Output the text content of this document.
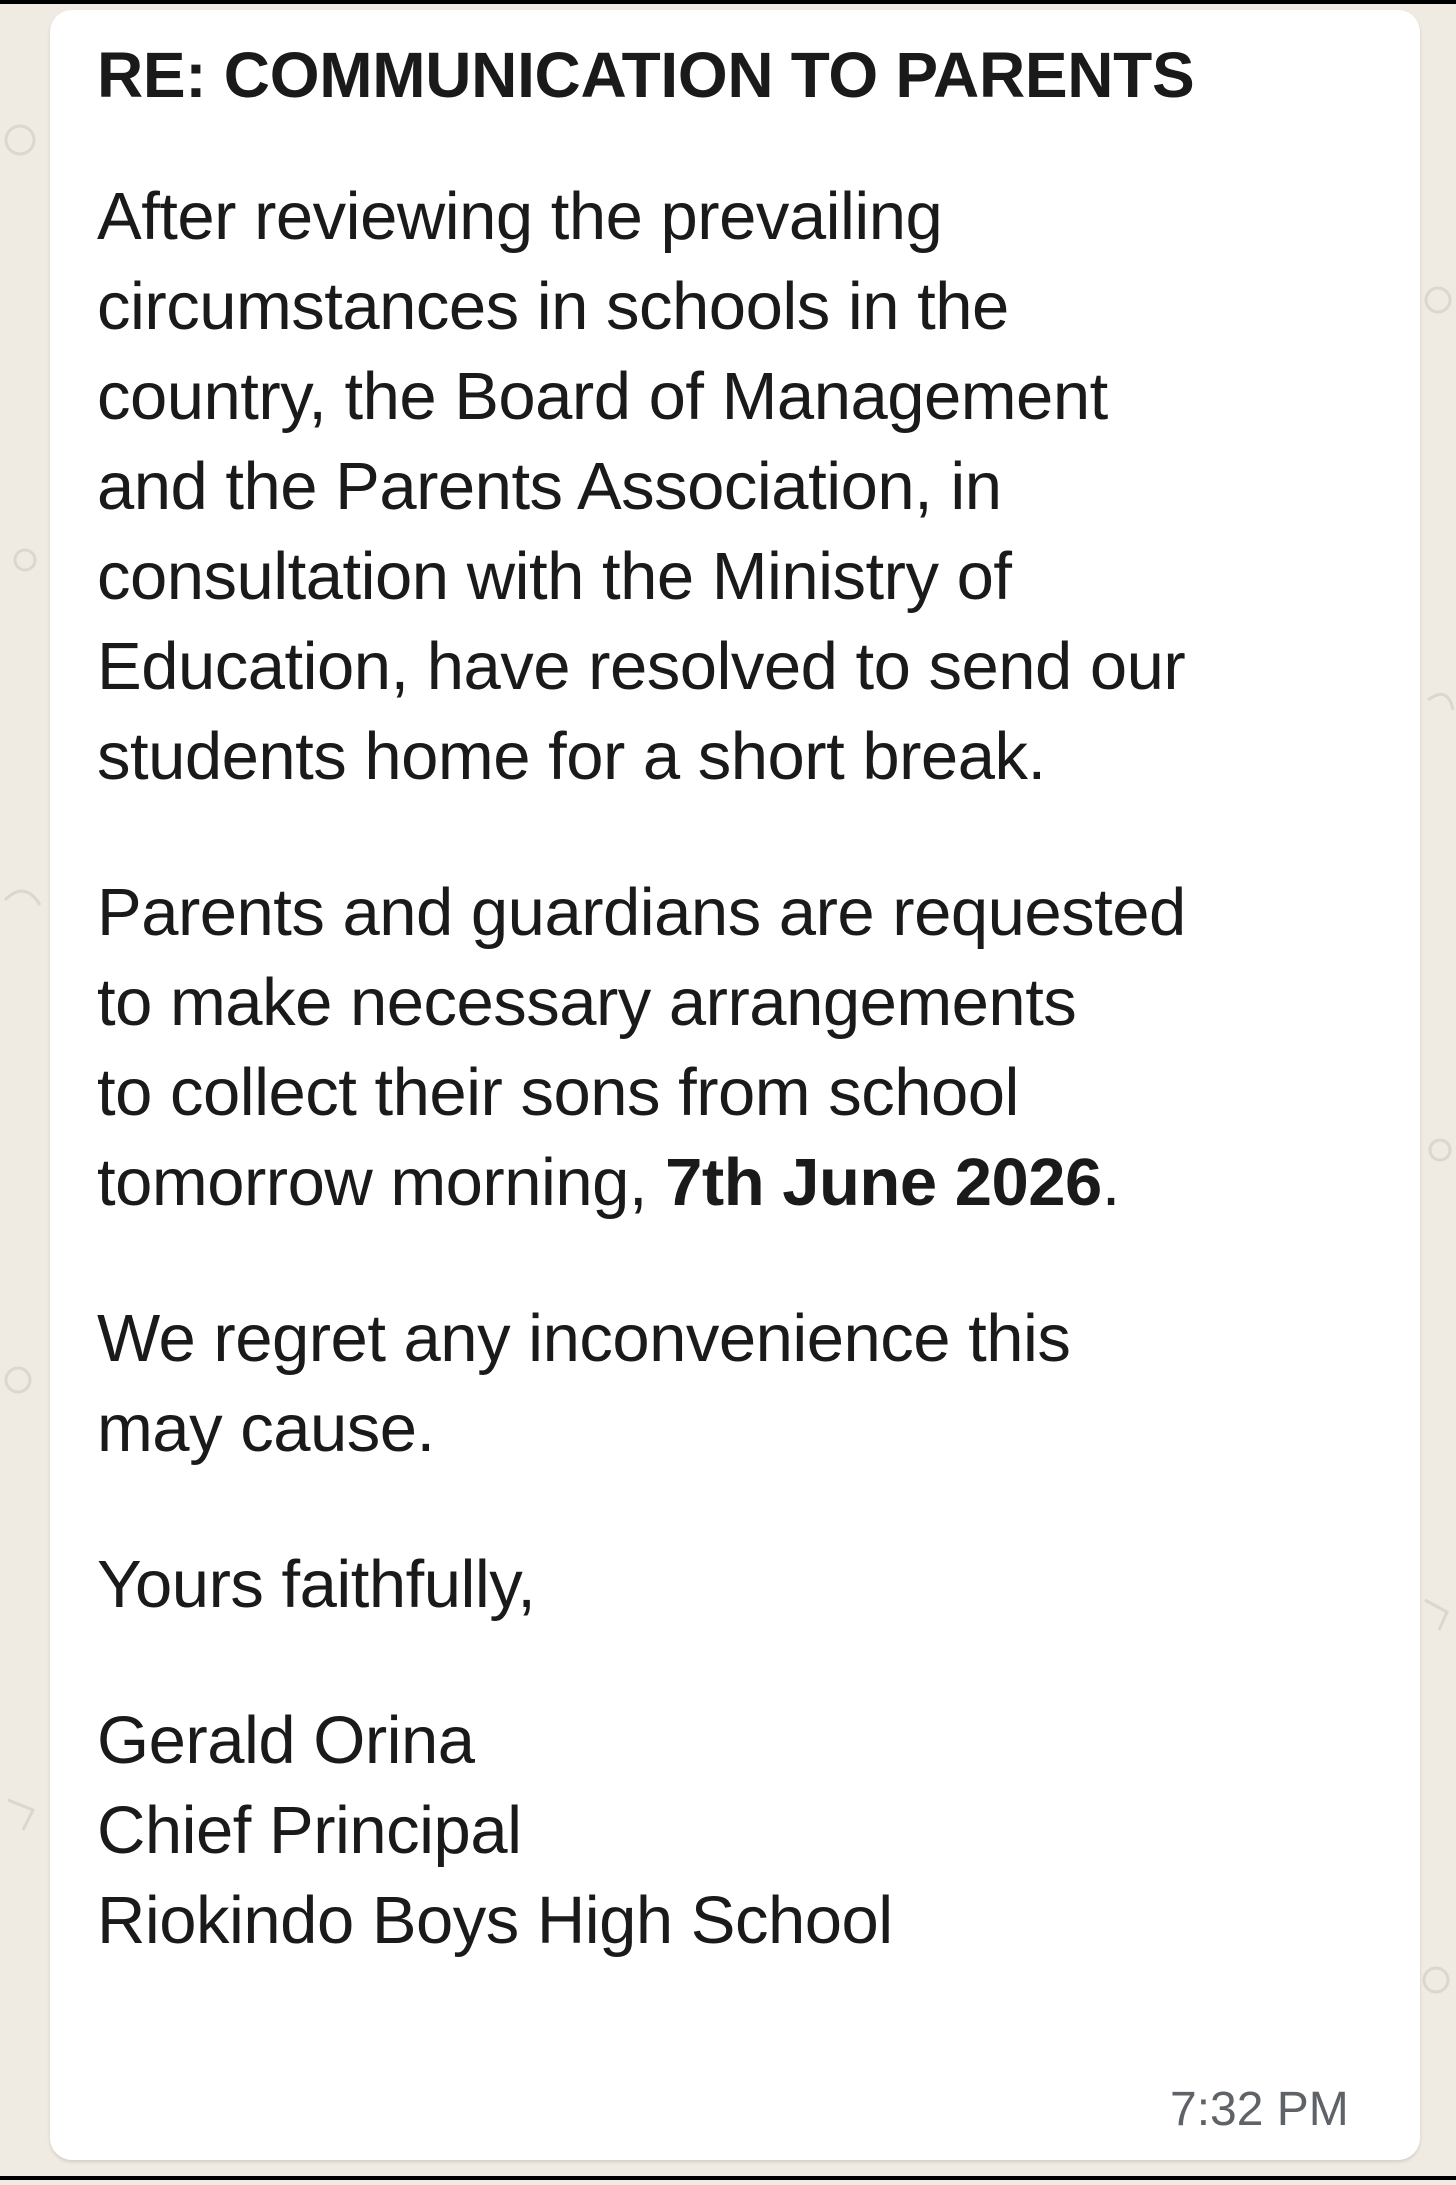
RE: COMMUNICATION TO PARENTS

After reviewing the prevailing
circumstances in schools in the
country, the Board of Management
and the Parents Association, in
consultation with the Ministry of
Education, have resolved to send our
students home for a short break.

Parents and guardians are requested
to make necessary arrangements
to collect their sons from school
tomorrow morning, 7th June 2026.

We regret any inconvenience this
may cause.

Yours faithfully,

Gerald Orina
Chief Principal
Riokindo Boys High School

7:32 PM
